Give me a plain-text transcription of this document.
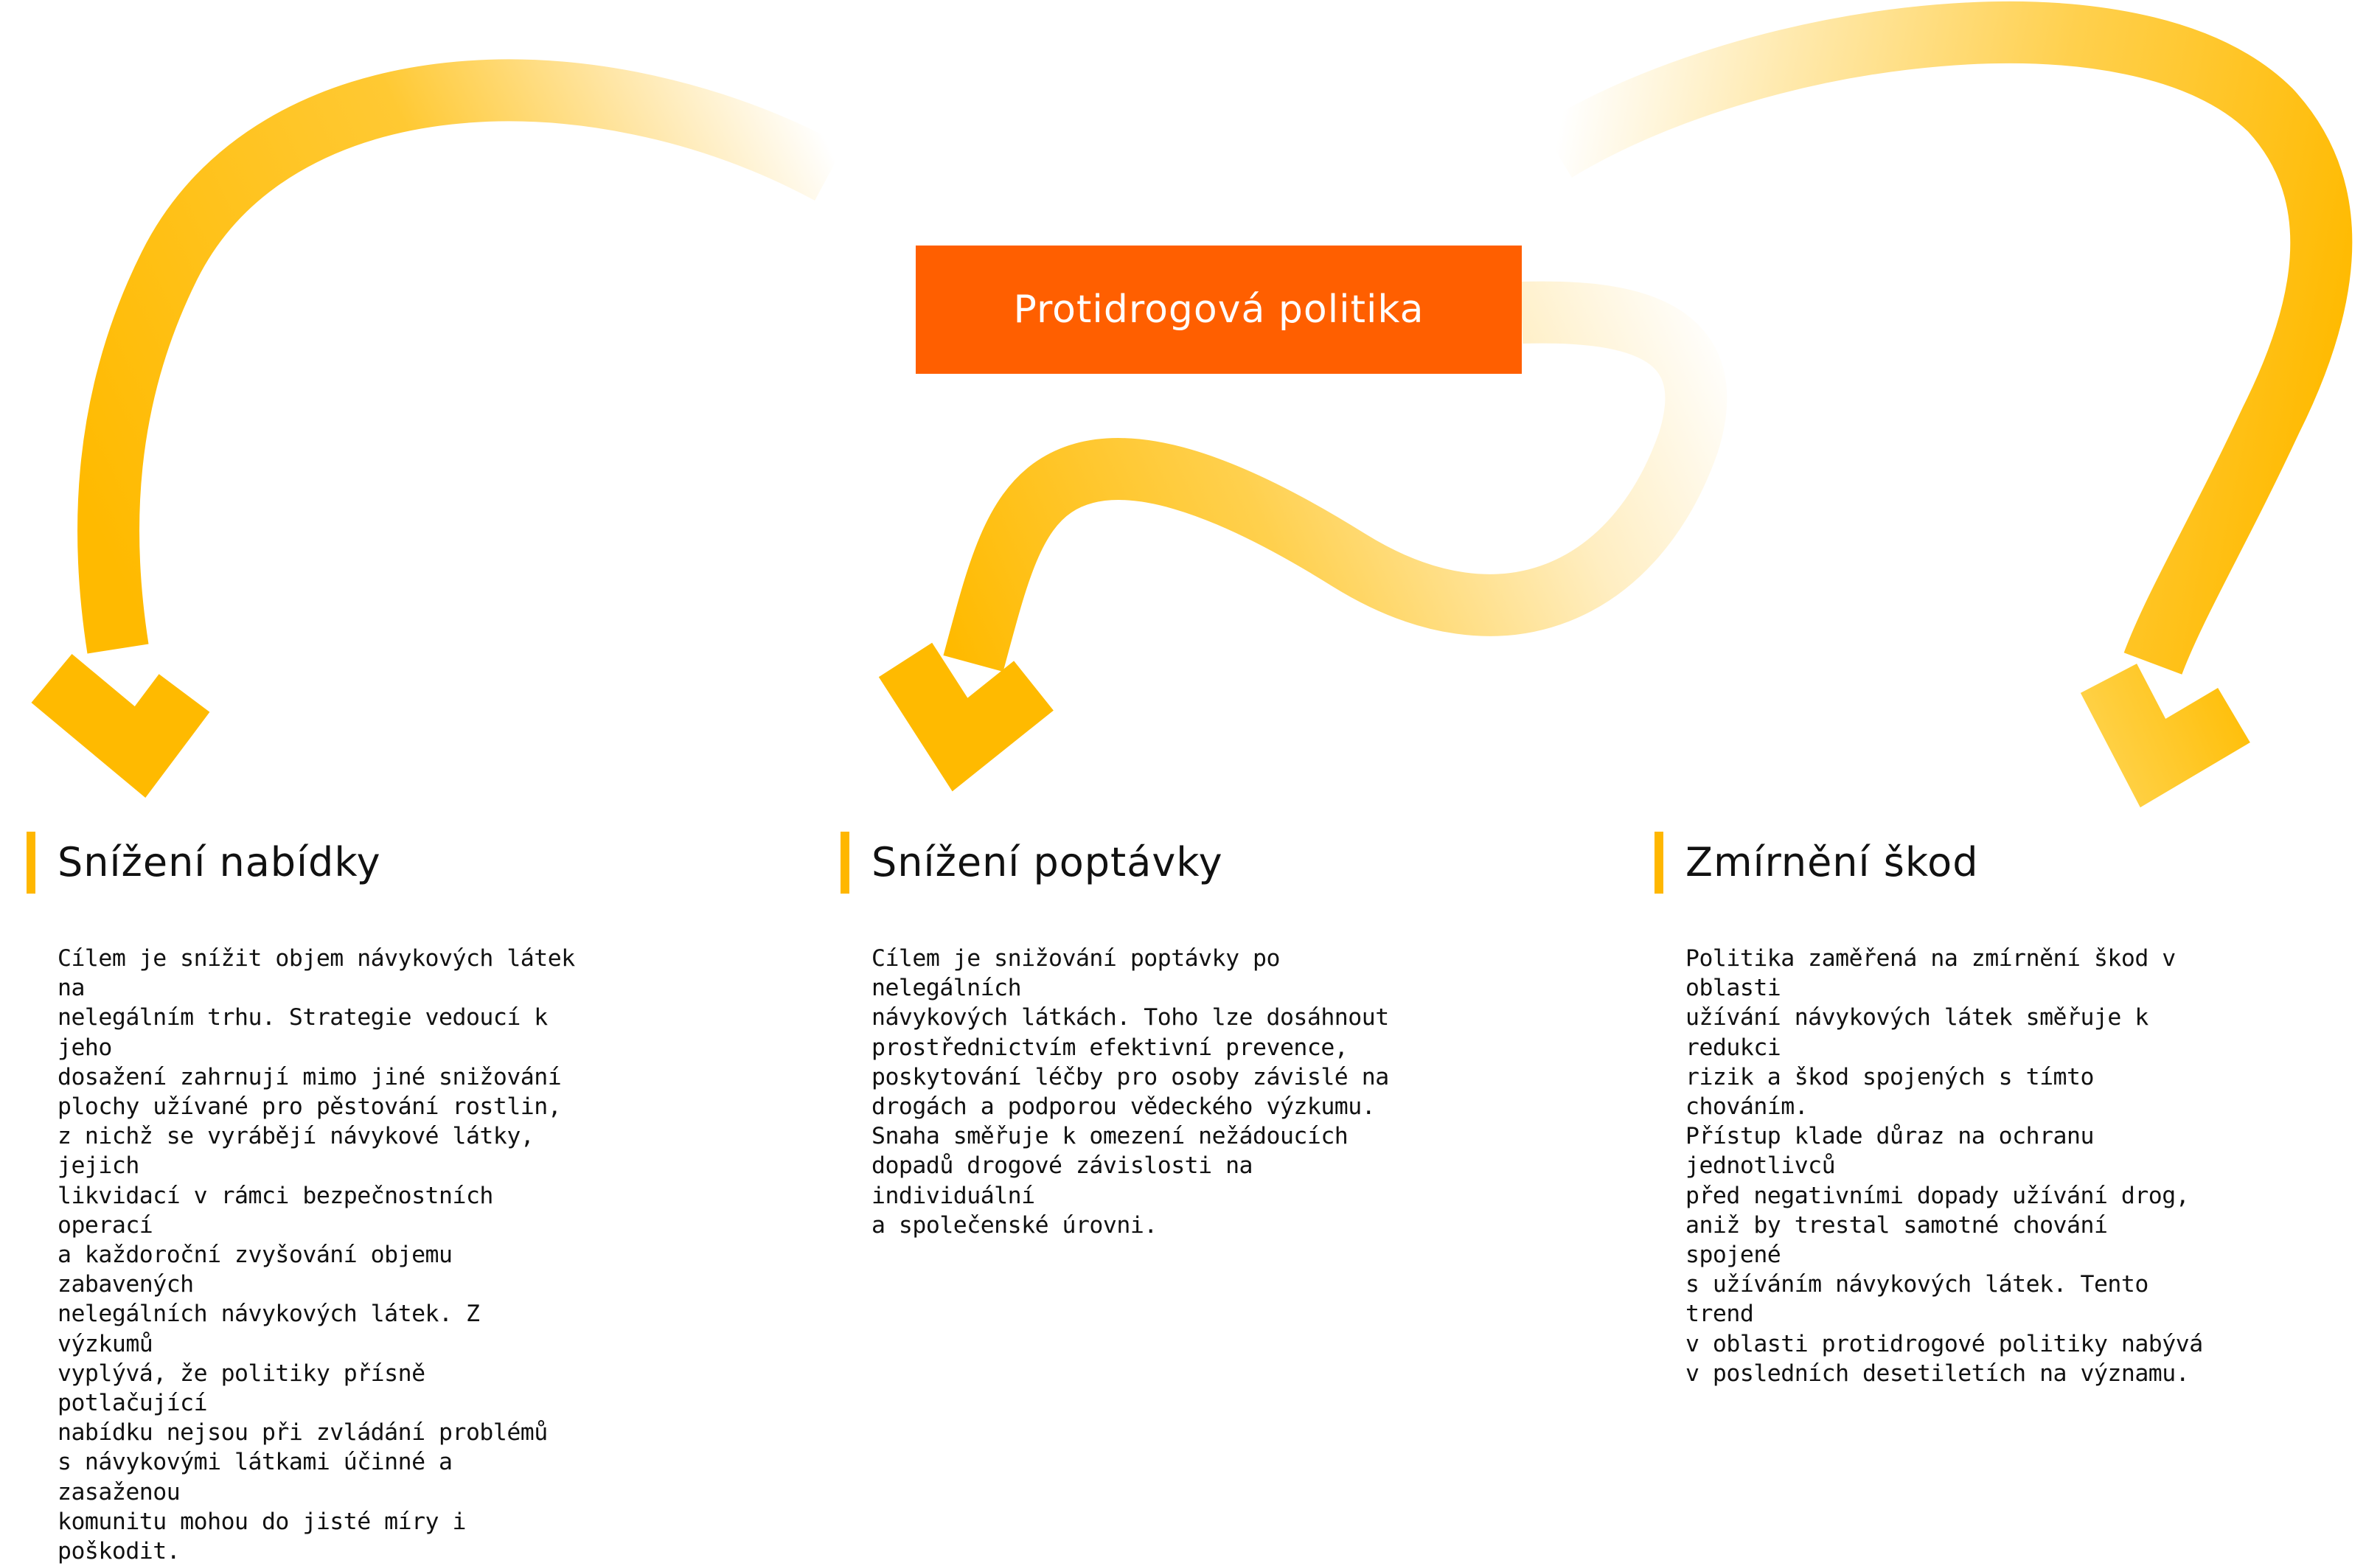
Protidrogová politika
Snížení nabídky

Cílem je snížit objem návykových látek na
nelegálním trhu. Strategie vedoucí k jeho
dosažení zahrnují mimo jiné snižování
plochy užívané pro pěstování rostlin,
z nichž se vyrábějí návykové látky, jejich
likvidací v rámci bezpečnostních operací
a každoroční zvyšování objemu zabavených
nelegálních návykových látek. Z výzkumů
vyplývá, že politiky přísně potlačující
nabídku nejsou při zvládání problémů
s návykovými látkami účinné a zasaženou
komunitu mohou do jisté míry i poškodit.

Snížení poptávky

Cílem je snižování poptávky po nelegálních
návykových látkách. Toho lze dosáhnout
prostřednictvím efektivní prevence,
poskytování léčby pro osoby závislé na
drogách a podporou vědeckého výzkumu.
Snaha směřuje k omezení nežádoucích
dopadů drogové závislosti na individuální
a společenské úrovni.

Zmírnění škod

Politika zaměřená na zmírnění škod v oblasti
užívání návykových látek směřuje k redukci
rizik a škod spojených s tímto chováním.
Přístup klade důraz na ochranu jednotlivců
před negativními dopady užívání drog,
aniž by trestal samotné chování spojené
s užíváním návykových látek. Tento trend
v oblasti protidrogové politiky nabývá
v posledních desetiletích na významu.
